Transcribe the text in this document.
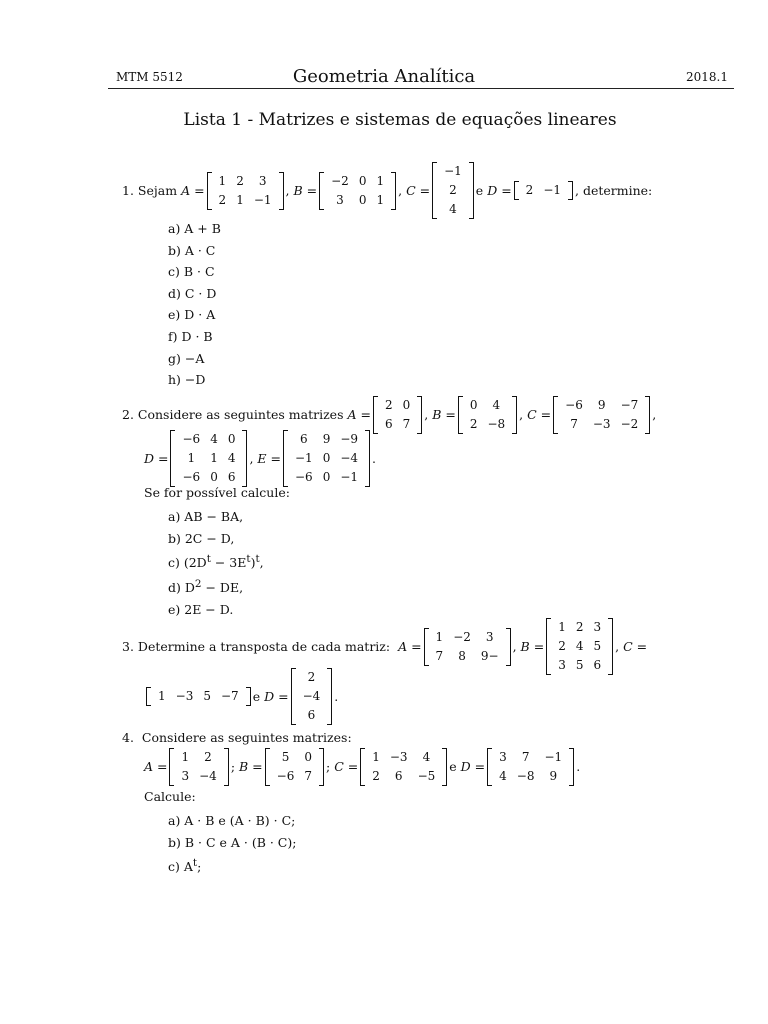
MTM 5512	Geometria Analítica	2018.1
Lista 1 - Matrizes e sistemas de equações lineares
1.
Sejam
A =
1	2	3
2	1	−1
, B =
−2	0	1
3	0	1
, C =
−1
2
4
e
D = 2	−1 , determine:
a) A + B
b) A · C
c) B · C
d) C · D
e) D · A
f) D · B
g) −A
h) −D
2.
Considere as seguintes matrizes
A =
2	0
6	7
, B =
0	4
2	−8
, C =
−6	9	−7
7	−3	−2
,
D =
−6	4	0
1	1	4
−6	0	6
, E =
6	9	−9
−1	0	−4
−6	0	−1
.
Se for possível calcule:
a) AB − BA,
b) 2C − D,
c) $(2D^t - 3E^t)^t$,
d) $D^2$ − DE,
e) 2E − D.
3.
Determine a transposta de cada matriz:
A =
1	−2	3
7	8	9−
, B =
1	2	3
2	4	5
3	5	6
, C =
1	−3	5	−7 e
D =
2
−4
6
.
4. Considere as seguintes matrizes:
A =
1	2
3	−4
; B =
5	0
−6	7
; C =
1	−3	4
2	6	−5
e
D =
3	7	−1
4	−8	9
.
Calcule:
a) A · B e (A · B) · C;
b) B · C e A · (B · C);
c) $A^t$;
